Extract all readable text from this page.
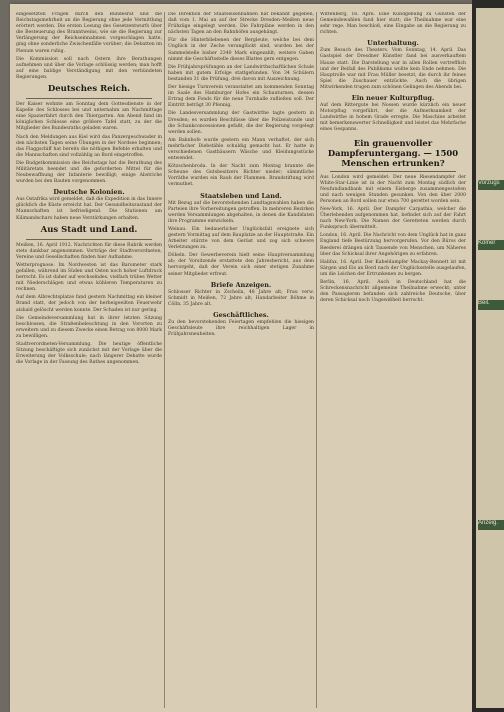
eingesetzten Fragen durch den Bundesrat und die Reichstagsmehrheit an die Regierung ohne jede Vermittlung erörtert werden. Die ersten Lesung des Gesetzentwurfs über die Besteuerung des Branntweins, wie sie die Regierung zur Verlängerung der Reichseinnahmen vorgeschlagen hatte, ging ohne sonderliche Zwischenfälle vorüber; die Debatten im Plenum waren ruhig.

Die Kommission soll nach Ostern ihre Berathungen aufnehmen und über die Vorlage schlüssig werden; man hofft auf eine baldige Verständigung mit den verbündeten Regierungen.

Deutsches Reich.

Der Kaiser wohnte am Sonntag dem Gottesdienste in der Kapelle des Schlosses bei und unternahm am Nachmittage eine Spazierfahrt durch den Thiergarten. Am Abend fand im königlichen Schlosse eine größere Tafel statt, zu der die Mitglieder des Bundesraths geladen waren.

Nach den Meldungen aus Kiel wird das Panzergeschwader in den nächsten Tagen seine Übungen in der Nordsee beginnen; das Flaggschiff hat bereits die nöthigen Befehle erhalten und die Mannschaften sind vollzählig an Bord eingetroffen.

Die Budgetkommission des Reichstags hat die Berathung des Militäretats beendet und die geforderten Mittel für die Neubewaffnung der Infanterie bewilligt; einige Abstriche wurden bei den Bauten vorgenommen.

Deutsche Kolonien.

Aus Ostafrika wird gemeldet, daß die Expedition in das Innere glücklich die Küste erreicht hat. Der Gesundheitszustand der Mannschaften ist befriedigend. Die Stationen am Kilimandscharo haben neue Verstärkungen erhalten.

Aus Stadt und Land.

Meißen, 16. April 1912. Nachrichten für diese Rubrik werden stets dankbar angenommen. Vorträge der Stadtverordneten, Vereine und Gesellschaften finden hier Aufnahme.

Wetterprognose. Im Nordwesten ist das Barometer stark gefallen, während im Süden und Osten noch hoher Luftdruck herrscht. Es ist daher auf wechselndes, vielfach trübes Wetter mit Niederschlägen und etwas kühleren Temperaturen zu rechnen.

Auf dem Albrechtsplatze fand gestern Nachmittag ein kleiner Brand statt, der jedoch von der herbeigeeilten Feuerwehr alsbald gelöscht werden konnte. Der Schaden ist nur gering.

Die Gemeindeversammlung hat in ihrer letzten Sitzung beschlossen, die Straßenbeleuchtung in den Vororten zu erweitern und zu diesem Zwecke einen Betrag von 8000 Mark zu bewilligen.

Stadtverordneten-Versammlung. Die heutige öffentliche Sitzung beschäftigte sich zunächst mit der Vorlage über die Erweiterung der Volksschule; nach längerer Debatte wurde die Vorlage in der Fassung des Rathes angenommen.

Die Direktion der Staatseisenbahnen hat bekannt gegeben, daß vom 1. Mai an auf der Strecke Dresden–Meißen neue Frühzüge eingelegt werden. Die Fahrpläne werden in den nächsten Tagen an den Bahnhöfen ausgehängt.

Für die Hinterbliebenen der Bergleute, welche bei dem Unglück in der Zeche verunglückt sind, wurden bei der Sammelstelle bisher 2340 Mark eingezahlt; weitere Gaben nimmt die Geschäftsstelle dieses Blattes gern entgegen.

Die Frühjahrsprüfungen an der Landwirthschaftlichen Schule haben mit gutem Erfolge stattgefunden. Von 34 Schülern bestanden 31 die Prüfung, drei davon mit Auszeichnung.

Der hiesige Turnverein veranstaltet am kommenden Sonntag im Saale des Hamburger Hofes ein Schauturnen, dessen Ertrag dem Fonds für die neue Turnhalle zufließen soll. Der Eintritt beträgt 30 Pfennig.

Die Landesversammlung der Gastwirthe tagte gestern in Dresden; es wurden Beschlüsse über die Polizeistunde und die Schankconcessionen gefaßt, die der Regierung vorgelegt werden sollen.

Am Bahnhofe wurde gestern ein Mann verhaftet, der sich mehrfacher Diebstähle schuldig gemacht hat. Er hatte in verschiedenen Gasthäusern Wäsche und Kleidungsstücke entwendet.

Kötzschenbroda. In der Nacht zum Montag brannte die Scheune des Gutsbesitzers Richter nieder; sämmtliche Vorräthe wurden ein Raub der Flammen. Brandstiftung wird vermuthet.

Staatsleben und Land.

Mit Bezug auf die bevorstehenden Landtagswahlen haben die Parteien ihre Vorbereitungen getroffen. In mehreren Bezirken werden Versammlungen abgehalten, in denen die Kandidaten ihre Programme entwickeln.

Weinau. Ein bedauerlicher Unglücksfall ereignete sich gestern Vormittag auf dem Bauplatze an der Hauptstraße. Ein Arbeiter stürzte von dem Gerüst und zog sich schwere Verletzungen zu.

Döbeln. Der Gewerbeverein hielt seine Hauptversammlung ab; der Vorsitzende erstattete den Jahresbericht, aus dem hervorgeht, daß der Verein sich einer stetigen Zunahme seiner Mitglieder erfreut.

Briefe Anzeigen.

Schlosser Richter in Zscheila, 48 Jahre alt; Frau verw. Schmidt in Meißen, 72 Jahre alt; Handarbeiter Böhme in Cölln, 35 Jahre alt.

Geschäftliches.

Zu den bevorstehenden Feiertagen empfehlen die hiesigen Geschäftsleute ihre reichhaltigen Lager in Frühjahrsneuheiten.

Wittenberg, 16. April. Eine Kundgebung zu Gunsten der Gemeindewahlen fand hier statt; die Theilnahme war eine sehr rege. Man beschloß, eine Eingabe an die Regierung zu richten.

Unterhaltung.

Zum Besuch des Theaters. Vom Sonntag, 14. April. Das Gastspiel der Dresdner Künstler fand bei ausverkauftem Hause statt. Die Darstellung war in allen Rollen vortrefflich und der Beifall des Publikums wollte kein Ende nehmen. Die Hauptrolle war mit Frau Müller besetzt, die durch ihr feines Spiel die Zuschauer entzückte. Auch die übrigen Mitwirkenden trugen zum schönen Gelingen des Abends bei.

Ein neuer Kulturpflug.

Auf dem Rittergute bei Nossen wurde kürzlich ein neuer Motorpflug vorgeführt, der die Aufmerksamkeit der Landwirthe in hohem Grade erregte. Die Maschine arbeitet mit bemerkenswerter Schnelligkeit und leistet das Mehrfache eines Gespanns.

Ein grauenvoller Dampferuntergang. — 1500 Menschen ertrunken?

Aus London wird gemeldet: Der neue Riesendampfer der White-Star-Linie ist in der Nacht zum Montag südlich der Neufundlandbank mit einem Eisberge zusammengestoßen und nach wenigen Stunden gesunken. Von den über 2000 Personen an Bord sollen nur etwa 700 gerettet worden sein.

New-York, 16. April. Der Dampfer Carpathia, welcher die Überlebenden aufgenommen hat, befindet sich auf der Fahrt nach New-York. Die Namen der Geretteten werden durch Funkspruch übermittelt.

London, 16. April. Die Nachricht von dem Unglück hat in ganz England tiefe Bestürzung hervorgerufen. Vor den Büros der Reederei drängen sich Tausende von Menschen, um Näheres über das Schicksal ihrer Angehörigen zu erfahren.

Halifax, 16. April. Der Kabeldampfer Mackay-Bennett ist mit Särgen und Eis an Bord nach der Unglücksstelle ausgelaufen, um die Leichen der Ertrunkenen zu bergen.

Berlin, 16. April. Auch in Deutschland hat die Schreckensnachricht allgemeine Theilnahme erweckt; unter den Passagieren befanden sich zahlreiche Deutsche, über deren Schicksal noch Ungewißheit herrscht.

Vorzugs
Kölner
Beil.
Anzeig.
